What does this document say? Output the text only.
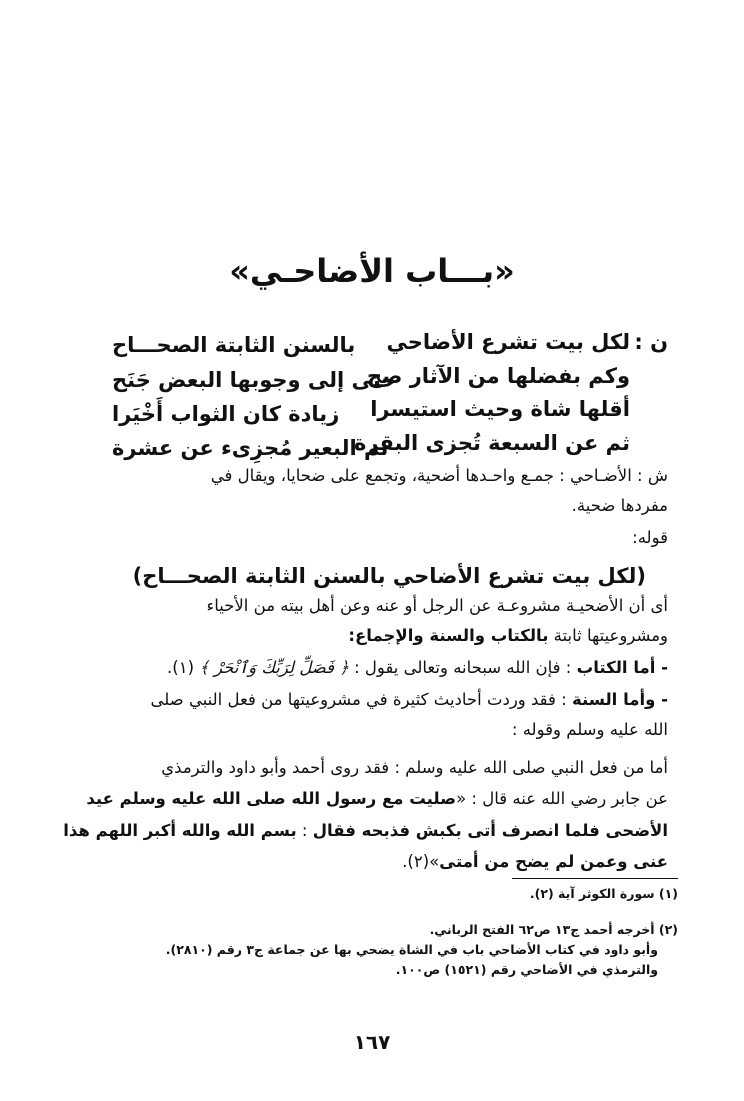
«بـــاب الأضاحـي»
ن :
لكل بيت تشرع الأضاحي
بالسنن الثابتة الصحـــاح
وكم بفضلها من الآثار صح
حتى إلى وجوبها البعض جَنَح
أقلها شاة وحيث استيسرا
زيادة كان الثواب أَخْيَرا
ثم عن السبعة تُجزى البقرة
ثم البعير مُجزِىء عن عشرة
ش : الأضـاحي : جمـع واحـدها أضحية، وتجمع على ضحايا، ويقال في
مفردها ضحية.
قوله:
(لكل بيت تشرع الأضاحي بالسنن الثابتة الصحـــاح)
أى أن الأضحيـة مشروعـة عن الرجل أو عنه وعن أهل بيته من الأحياء
ومشروعيتها ثابتة بالكتاب والسنة والإجماع:
- أما الكتاب : فإن الله سبحانه وتعالى يقول : ﴿ فَصَلِّ لِرَبِّكَ وَٱنْحَرْ ﴾ (١).
- وأما السنة : فقد وردت أحاديث كثيرة في مشروعيتها من فعل النبي صلى
الله عليه وسلم وقوله :
أما من فعل النبي صلى الله عليه وسلم : فقد روى أحمد وأبو داود والترمذي
عن جابر رضي الله عنه قال : «صليت مع رسول الله صلى الله عليه وسلم عيد
الأضحى فلما انصرف أتى بكبش فذبحه فقال : بسم الله والله أكبر اللهم هذا
عنى وعمن لم يضح من أمتى»(٢).
(١) سورة الكوثر آية (٢).
(٢) أخرجه أحمد ج١٣ ص٦٢ الفتح الرباني.
وأبو داود في كتاب الأضاحي باب في الشاة يضحي بها عن جماعة ج٣ رقم (٢٨١٠).
والترمذي في الأضاحي رقم (١٥٢١) ص١٠٠.
١٦٧
